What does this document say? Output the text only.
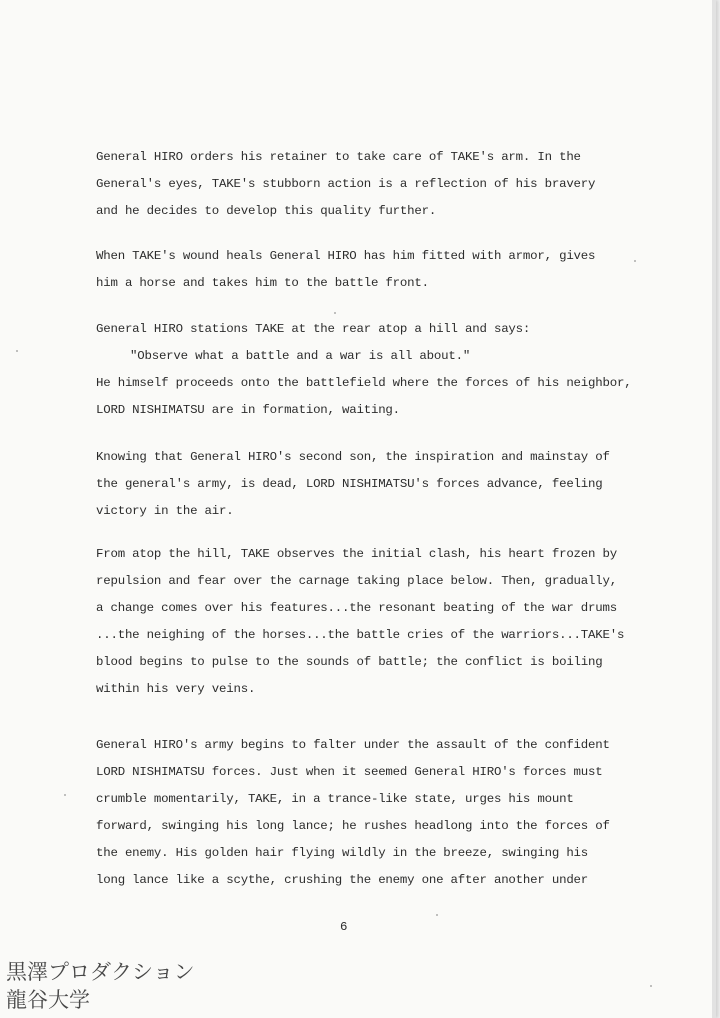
General HIRO orders his retainer to take care of TAKE's arm. In the
General's eyes, TAKE's stubborn action is a reflection of his bravery
and he decides to develop this quality further.
When TAKE's wound heals General HIRO has him fitted with armor, gives
him a horse and takes him to the battle front.
General HIRO stations TAKE at the rear atop a hill and says:
"Observe what a battle and a war is all about."
He himself proceeds onto the battlefield where the forces of his neighbor,
LORD NISHIMATSU are in formation, waiting.
Knowing that General HIRO's second son, the inspiration and mainstay of
the general's army, is dead, LORD NISHIMATSU's forces advance, feeling
victory in the air.
From atop the hill, TAKE observes the initial clash, his heart frozen by
repulsion and fear over the carnage taking place below. Then, gradually,
a change comes over his features...the resonant beating of the war drums
...the neighing of the horses...the battle cries of the warriors...TAKE's
blood begins to pulse to the sounds of battle; the conflict is boiling
within his very veins.
General HIRO's army begins to falter under the assault of the confident
LORD NISHIMATSU forces. Just when it seemed General HIRO's forces must
crumble momentarily, TAKE, in a trance-like state, urges his mount
forward, swinging his long lance; he rushes headlong into the forces of
the enemy. His golden hair flying wildly in the breeze, swinging his
long lance like a scythe, crushing the enemy one after another under
6
黒澤プロダクション
龍谷大学
